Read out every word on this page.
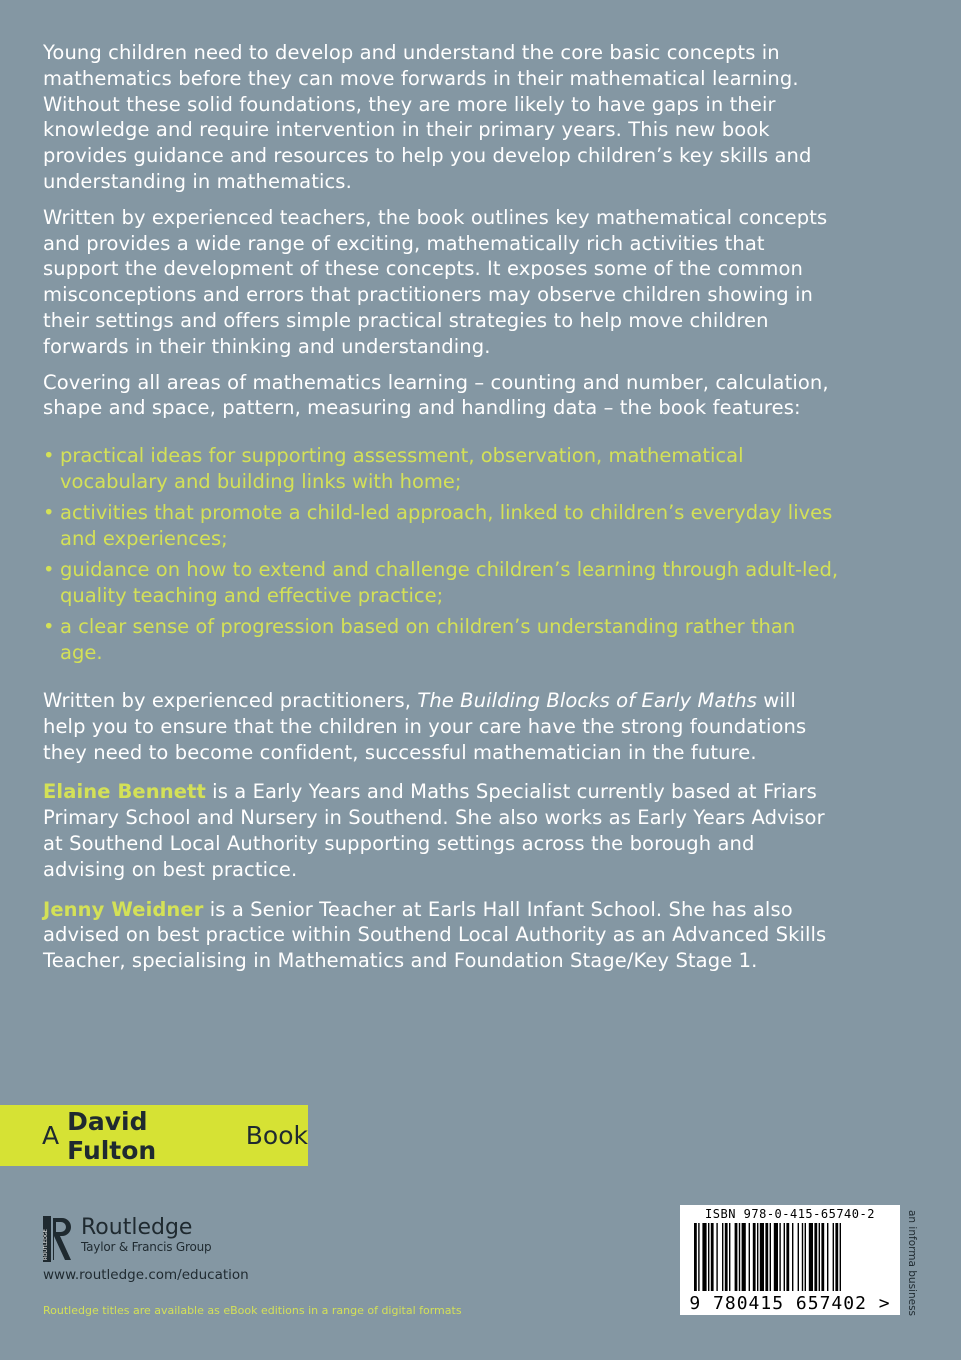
Young children need to develop and understand the core basic concepts in mathematics before they can move forwards in their mathematical learning. Without these solid foundations, they are more likely to have gaps in their knowledge and require intervention in their primary years. This new book provides guidance and resources to help you develop children’s key skills and understanding in mathematics.

Written by experienced teachers, the book outlines key mathematical concepts and provides a wide range of exciting, mathematically rich activities that support the development of these concepts. It exposes some of the common misconceptions and errors that practitioners may observe children showing in their settings and offers simple practical strategies to help move children forwards in their thinking and understanding.

Covering all areas of mathematics learning – counting and number, calculation, shape and space, pattern, measuring and handling data – the book features:

• practical ideas for supporting assessment, observation, mathematical vocabulary and building links with home;
• activities that promote a child-led approach, linked to children’s everyday lives and experiences;
• guidance on how to extend and challenge children’s learning through adult-led, quality teaching and effective practice;
• a clear sense of progression based on children’s understanding rather than age.

Written by experienced practitioners, The Building Blocks of Early Maths will help you to ensure that the children in your care have the strong foundations they need to become confident, successful mathematician in the future.

Elaine Bennett is a Early Years and Maths Specialist currently based at Friars Primary School and Nursery in Southend. She also works as Early Years Advisor at Southend Local Authority supporting settings across the borough and advising on best practice.

Jenny Weidner is a Senior Teacher at Earls Hall Infant School. She has also advised on best practice within Southend Local Authority as an Advanced Skills Teacher, specialising in Mathematics and Foundation Stage/Key Stage 1.

A David Fulton	Book
ROUTLEDGE
Routledge
Taylor & Francis Group
www.routledge.com/education
Routledge titles are available as eBook editions in a range of digital formats
ISBN 978-0-415-65740-2
9 780415 657402 >	an informa business
